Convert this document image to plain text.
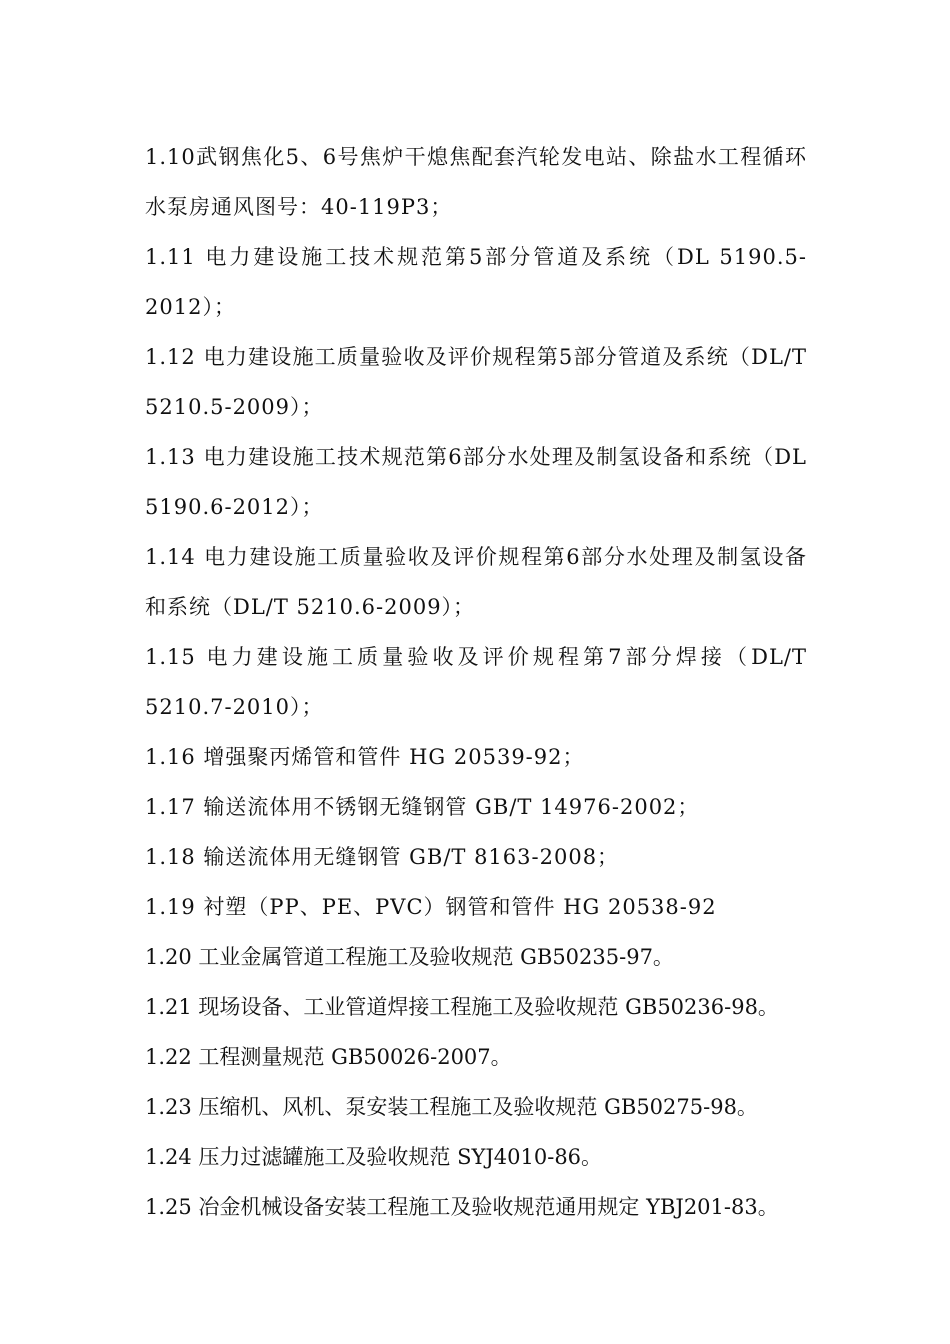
1.10武钢焦化5、6号焦炉干熄焦配套汽轮发电站、除盐水工程循环水泵房通风图号：40-119P3；

1.11 电力建设施工技术规范第5部分管道及系统（DL 5190.5-2012）；

1.12 电力建设施工质量验收及评价规程第5部分管道及系统（DL/T 5210.5-2009）；

1.13 电力建设施工技术规范第6部分水处理及制氢设备和系统（DL 5190.6-2012）；

1.14 电力建设施工质量验收及评价规程第6部分水处理及制氢设备和系统（DL/T 5210.6-2009）；

1.15 电力建设施工质量验收及评价规程第7部分焊接（DL/T 5210.7-2010）；

1.16 增强聚丙烯管和管件 HG 20539-92；

1.17 输送流体用不锈钢无缝钢管 GB/T 14976-2002；

1.18 输送流体用无缝钢管 GB/T 8163-2008；

1.19 衬塑（PP、PE、PVC）钢管和管件 HG 20538-92

1.20 工业金属管道工程施工及验收规范 GB50235-97。

1.21 现场设备、工业管道焊接工程施工及验收规范 GB50236-98。

1.22 工程测量规范 GB50026-2007。

1.23 压缩机、风机、泵安装工程施工及验收规范 GB50275-98。

1.24 压力过滤罐施工及验收规范 SYJ4010-86。

1.25 冶金机械设备安装工程施工及验收规范通用规定 YBJ201-83。
